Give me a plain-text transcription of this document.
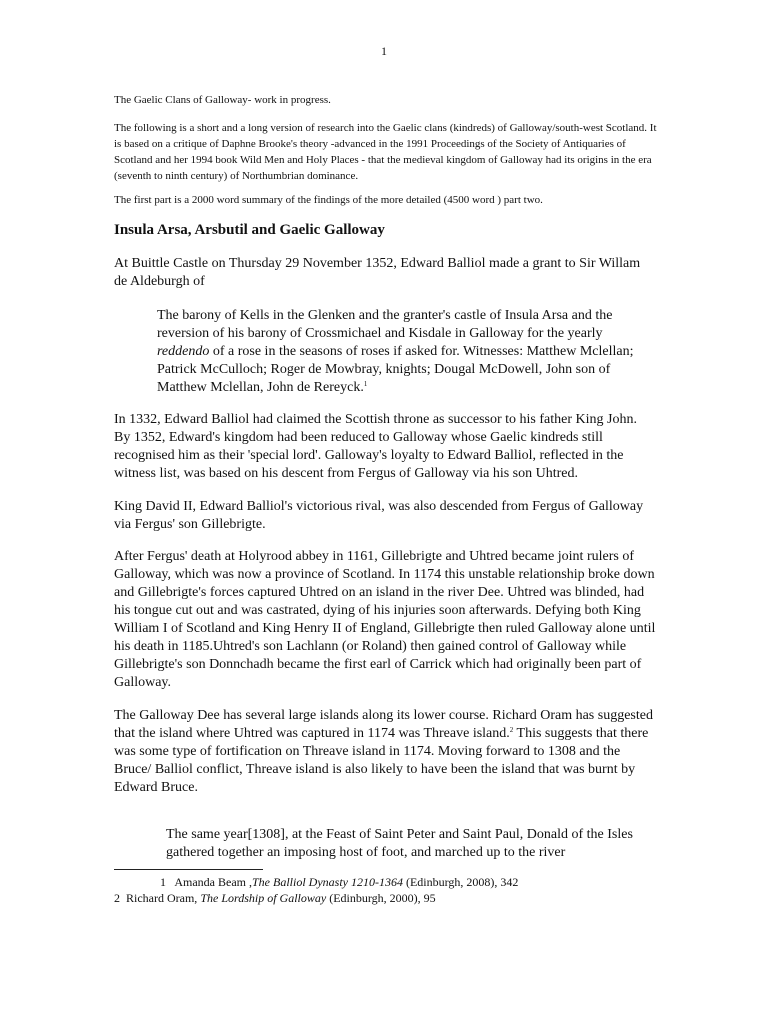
1

The Gaelic Clans of Galloway- work in progress.

The following is a short and a long version of research into the Gaelic clans (kindreds) of Galloway/south-west Scotland. It is based on a critique of Daphne Brooke's theory -advanced in the 1991 Proceedings of the Society of Antiquaries of Scotland and her 1994 book Wild Men and Holy Places - that the medieval kingdom of Galloway had its origins in the era (seventh to ninth century) of Northumbrian dominance.

The first part is a 2000 word summary of the findings of the more detailed (4500 word ) part two.

Insula Arsa, Arsbutil and Gaelic Galloway

At Buittle Castle on Thursday 29 November 1352, Edward Balliol made a grant to Sir Willam de Aldeburgh of

The barony of Kells in the Glenken and the granter's castle of Insula Arsa and the reversion of his barony of Crossmichael and Kisdale in Galloway for the yearly reddendo of a rose in the seasons of roses if asked for. Witnesses: Matthew Mclellan; Patrick McCulloch; Roger de Mowbray, knights; Dougal McDowell, John son of Matthew Mclellan, John de Rereyck.$^1$

In 1332, Edward Balliol had claimed the Scottish throne as successor to his father King John. By 1352, Edward's kingdom had been reduced to Galloway whose Gaelic kindreds still recognised him as their 'special lord'. Galloway's loyalty to Edward Balliol, reflected in the witness list, was based on his descent from Fergus of Galloway via his son Uhtred.

King David II, Edward Balliol's victorious rival, was also descended from Fergus of Galloway via Fergus' son Gillebrigte.

After Fergus' death at Holyrood abbey in 1161, Gillebrigte and Uhtred became joint rulers of Galloway, which was now a province of Scotland. In 1174 this unstable relationship broke down and Gillebrigte's forces captured Uhtred on an island in the river Dee. Uhtred was blinded, had his tongue cut out and was castrated, dying of his injuries soon afterwards. Defying both King William I of Scotland and King Henry II of England, Gillebrigte then ruled Galloway alone until his death in 1185.Uhtred's son Lachlann (or Roland) then gained control of Galloway while Gillebrigte's son Donnchadh became the first earl of Carrick which had originally been part of Galloway.

The Galloway Dee has several large islands along its lower course. Richard Oram has suggested that the island where Uhtred was captured in 1174 was Threave island.$^2$ This suggests that there was some type of fortification on Threave island in 1174. Moving forward to 1308 and the Bruce/ Balliol conflict, Threave island is also likely to have been the island that was burnt by Edward Bruce.

The same year[1308], at the Feast of Saint Peter and Saint Paul, Donald of the Isles gathered together an imposing host of foot, and marched up to the river

1 Amanda Beam ,The Balliol Dynasty 1210-1364 (Edinburgh, 2008), 342

2 Richard Oram, The Lordship of Galloway (Edinburgh, 2000), 95
